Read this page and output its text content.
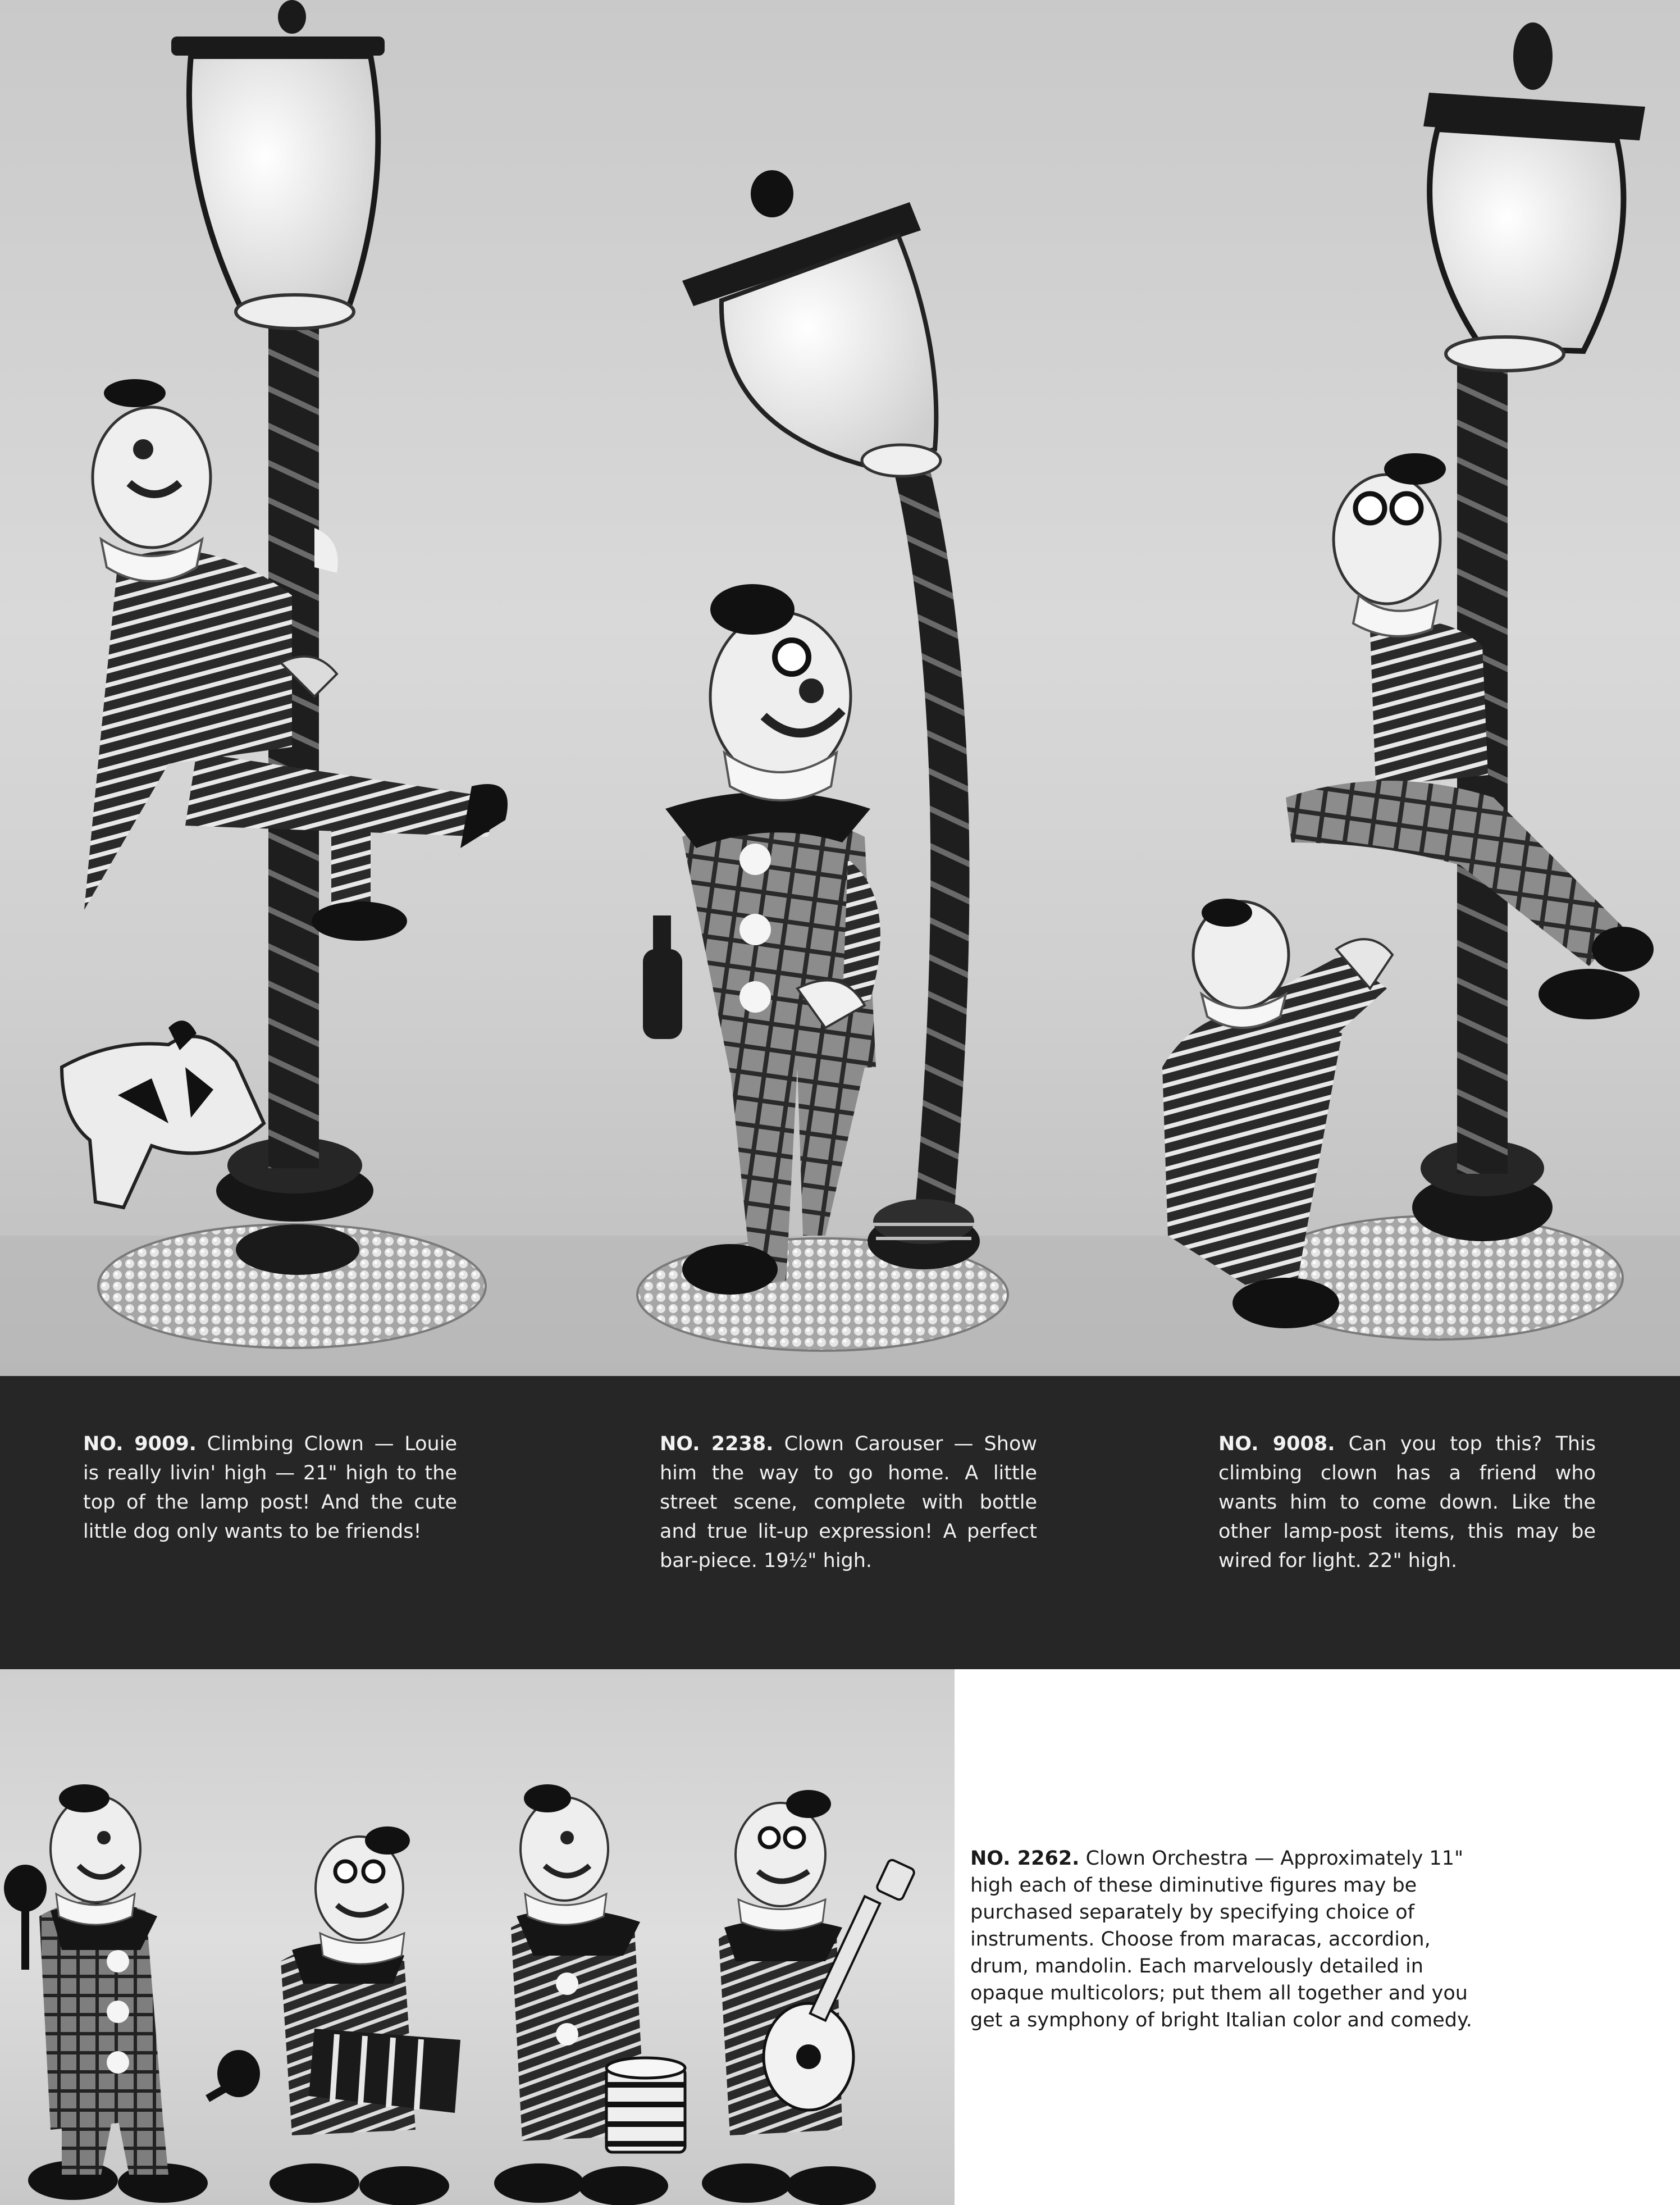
NO. 9009. Climbing Clown — Louie is really livin' high — 21" high to the top of the lamp post! And the cute little dog only wants to be friends!
NO. 2238. Clown Carouser — Show him the way to go home. A little street scene, complete with bottle and true lit-up expression! A perfect bar-piece. 19½" high.
NO. 9008. Can you top this? This climbing clown has a friend who wants him to come down. Like the other lamp-post items, this may be wired for light. 22" high.
NO. 2262. Clown Orchestra — Approximately 11" high each of these diminutive figures may be purchased separately by specifying choice of instruments. Choose from maracas, accordion, drum, mandolin. Each marvelously detailed in opaque multicolors; put them all together and you get a symphony of bright Italian color and comedy.
